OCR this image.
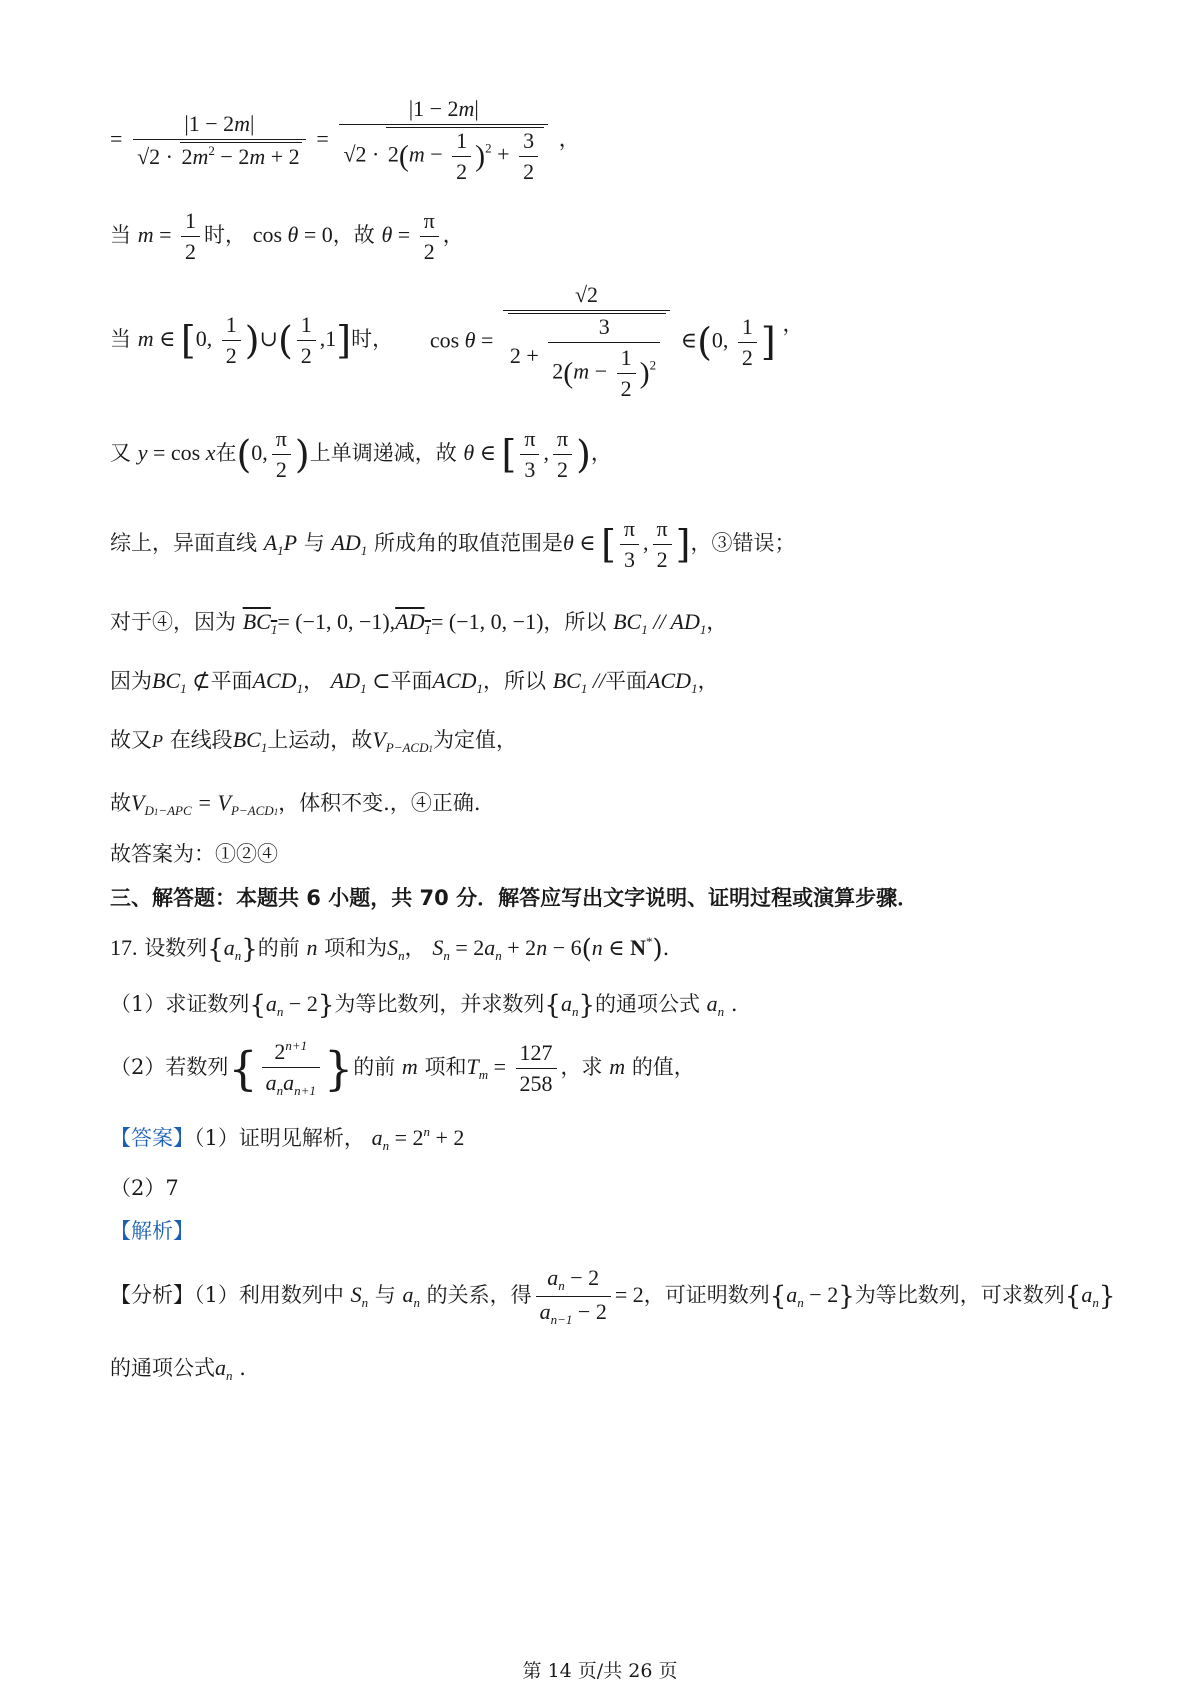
= $\frac{|1 - 2m|}{√2 \cdot 2m^2 - 2m + 2} = \frac{|1 - 2m|}{√2 \cdot 2(m - \frac{1}{2} )^2 + \frac{3}{2}}$ ，
当 $m = \frac{1}{2}$ 时， cos θ = 0，故 $\theta = \frac{\pi}{2}$ ，
当 m ∈ [0, $\frac{1}{2}$ )∪( $\frac{1}{2} ,1$]时， $\cos \theta = \frac{√2}{2 + \frac{3}{2(m - \frac{1}{2} )^2}}$ ∈(0, $\frac{1}{2}$ ] ，
又 y = cos x在(0, $\frac{\pi}{2}$ )上单调递减，故 θ ∈ [ $\frac{\pi}{3}$ , $\frac{\pi}{2}$ )，
综上，异面直线 $A_1P$ 与 $AD_1$ 所成角的取值范围是θ ∈ [ $\frac{\pi}{3}$ , $\frac{\pi}{2}$ ]，③错误；
对于④，因为 $BC_1= (-1$, 0, $-1),AD_1= (-1$, 0, −1)，所以 $BC_1 // AD_1$，
因为$BC_1$ ⊄平面$ACD_1$， $AD_1$ ⊂平面$ACD_1$，所以 $BC_1$ //平面$ACD_1$，
故又P 在线段$BC_1$上运动，故$V_{P-ACD1}$为定值，
故$V_{D1-APC} = V_{P-ACD1}$，体积不变.，④正确.
故答案为：①②④
三、解答题：本题共 6 小题，共 70 分．解答应写出文字说明、证明过程或演算步骤．
17. 设数列$\{a_n\}$的前 n 项和为$S_n$， $S_n = 2a_n + 2n - 6(n$ ∈ N*).
（1）求证数列$\{a_n - 2\}$为等比数列，并求数列$\{a_n\}$的通项公式 $a_n$ .
（2）若数列{ $\frac{2^{n+1}}{a_na_{n+1}}$ }的前 m 项和$T_m = \frac{127}{258}$ ，求 m 的值，
【答案】（1）证明见解析， $a_n = 2^n + 2$
（2）7
【解析】
【分析】（1）利用数列中 $S_n$ 与 $a_n$ 的关系，得 $\frac{a_n - 2}{a_{n-1} - 2} = 2$，可证明数列$\{a_n - 2\}$为等比数列，可求数列$\{a_n\}$
的通项公式$a_n$ .
第 14 页/共 26 页
